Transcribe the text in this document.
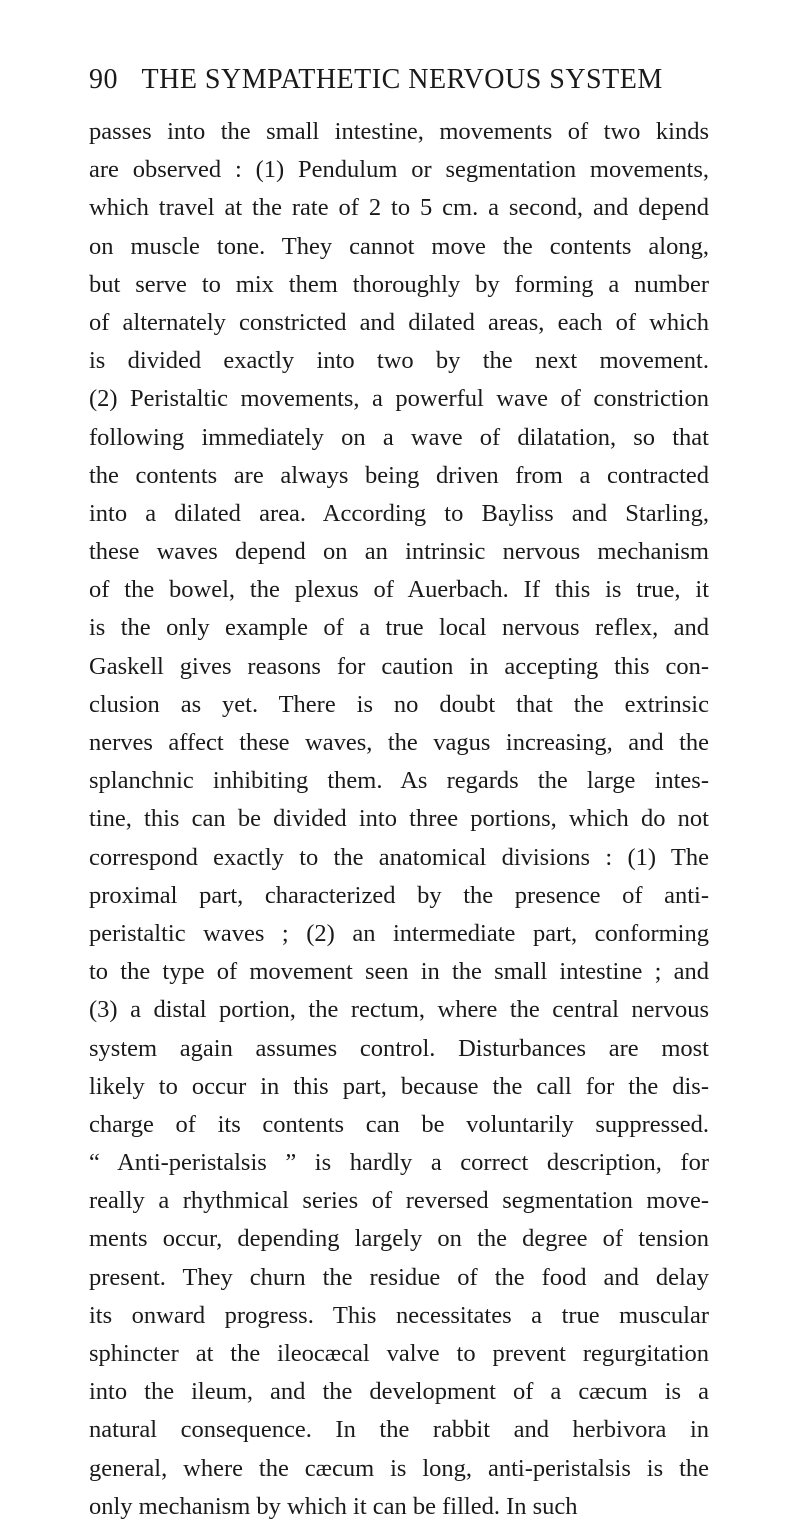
90 THE SYMPATHETIC NERVOUS SYSTEM
passes into the small intestine, movements of two kinds
are observed : (1) Pendulum or segmentation movements,
which travel at the rate of 2 to 5 cm. a second, and depend
on muscle tone. They cannot move the contents along,
but serve to mix them thoroughly by forming a number
of alternately constricted and dilated areas, each of which
is divided exactly into two by the next movement.
(2) Peristaltic movements, a powerful wave of constriction
following immediately on a wave of dilatation, so that
the contents are always being driven from a contracted
into a dilated area. According to Bayliss and Starling,
these waves depend on an intrinsic nervous mechanism
of the bowel, the plexus of Auerbach. If this is true, it
is the only example of a true local nervous reflex, and
Gaskell gives reasons for caution in accepting this con-
clusion as yet. There is no doubt that the extrinsic
nerves affect these waves, the vagus increasing, and the
splanchnic inhibiting them. As regards the large intes-
tine, this can be divided into three portions, which do not
correspond exactly to the anatomical divisions : (1) The
proximal part, characterized by the presence of anti-
peristaltic waves ; (2) an intermediate part, conforming
to the type of movement seen in the small intestine ; and
(3) a distal portion, the rectum, where the central nervous
system again assumes control. Disturbances are most
likely to occur in this part, because the call for the dis-
charge of its contents can be voluntarily suppressed.
“ Anti-peristalsis ” is hardly a correct description, for
really a rhythmical series of reversed segmentation move-
ments occur, depending largely on the degree of tension
present. They churn the residue of the food and delay
its onward progress. This necessitates a true muscular
sphincter at the ileocæcal valve to prevent regurgitation
into the ileum, and the development of a cæcum is a
natural consequence. In the rabbit and herbivora in
general, where the cæcum is long, anti-peristalsis is the
only mechanism by which it can be filled. In such
